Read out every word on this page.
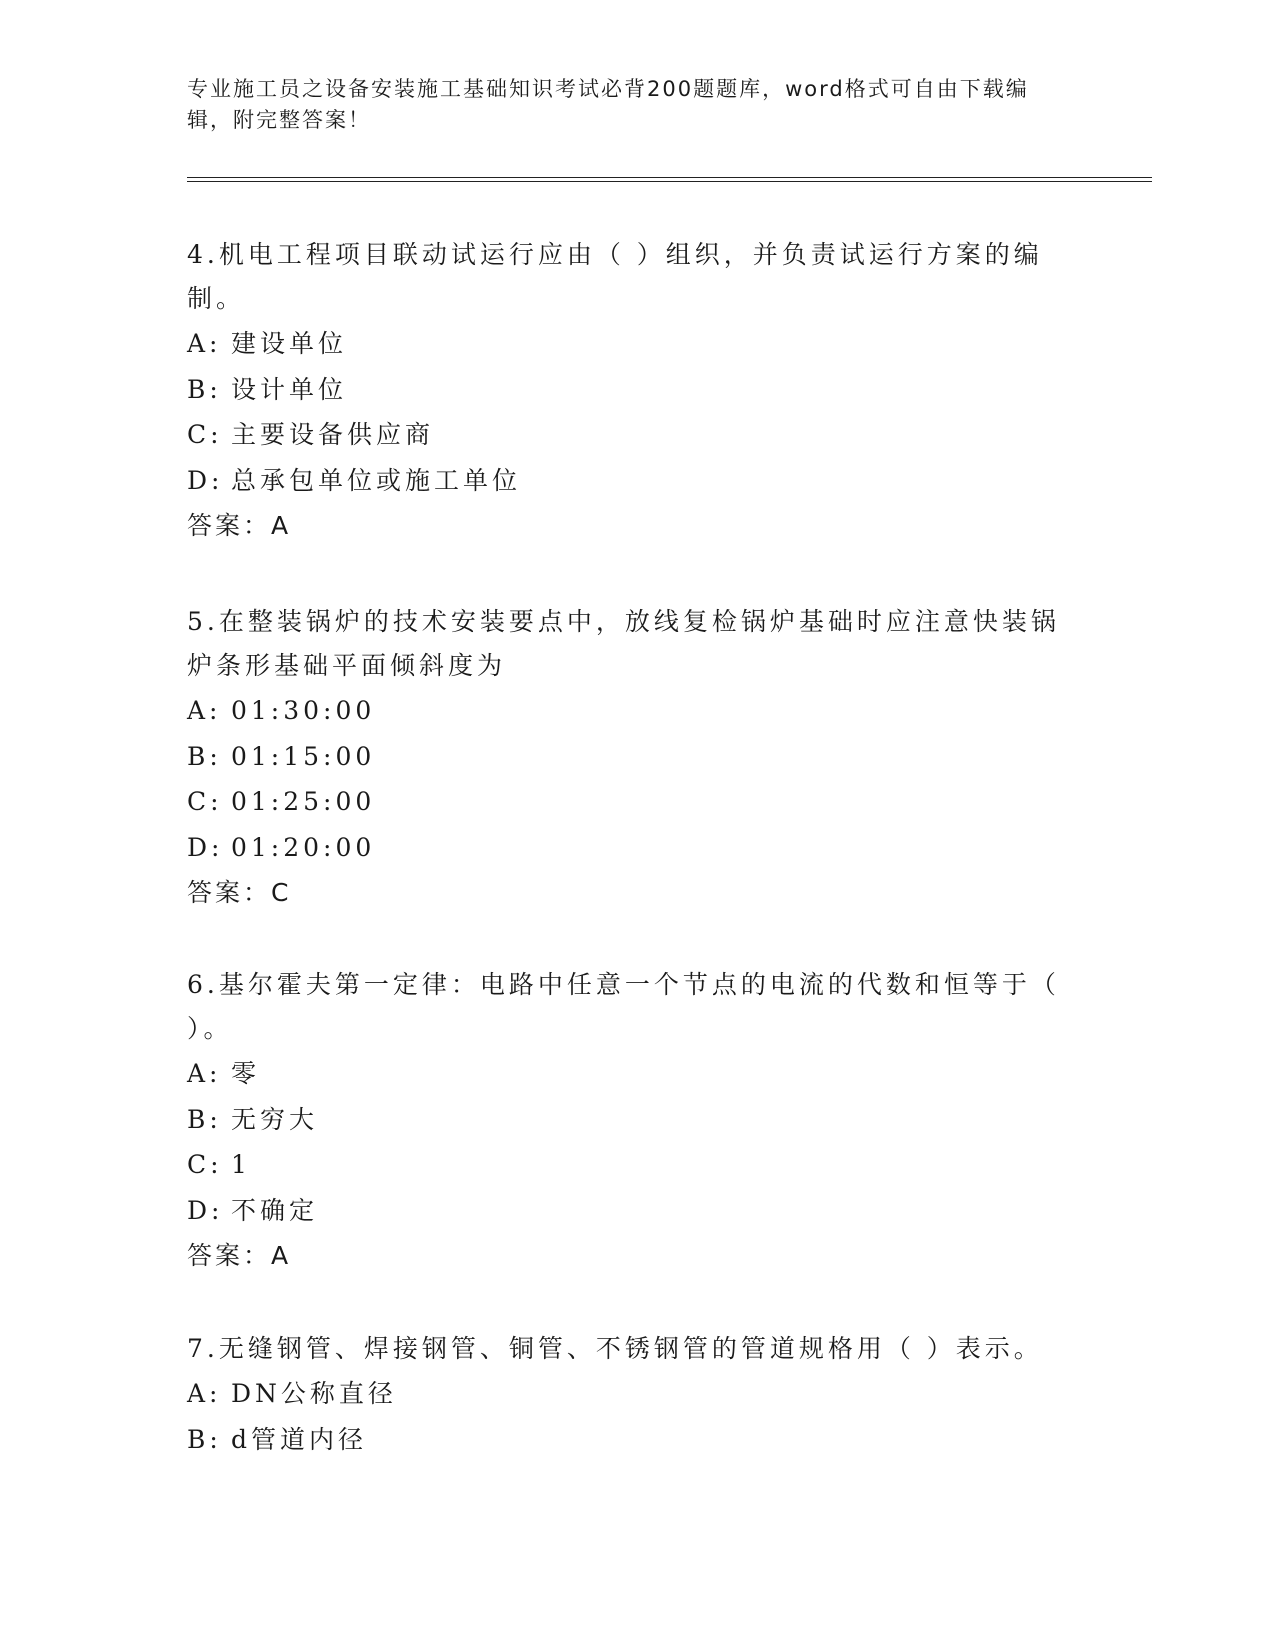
专业施工员之设备安装施工基础知识考试必背200题题库，word格式可自由下载编辑，附完整答案！
4.机电工程项目联动试运行应由（ ）组织，并负责试运行方案的编制。
A: 建设单位
B: 设计单位
C: 主要设备供应商
D: 总承包单位或施工单位
答案：A
5.在整装锅炉的技术安装要点中，放线复检锅炉基础时应注意快装锅炉条形基础平面倾斜度为
A: 01:30:00
B: 01:15:00
C: 01:25:00
D: 01:20:00
答案：C
6.基尔霍夫第一定律：电路中任意一个节点的电流的代数和恒等于（ ）。
A: 零
B: 无穷大
C: 1
D: 不确定
答案：A
7.无缝钢管、焊接钢管、铜管、不锈钢管的管道规格用（ ）表示。
A: DN公称直径
B: d管道内径
